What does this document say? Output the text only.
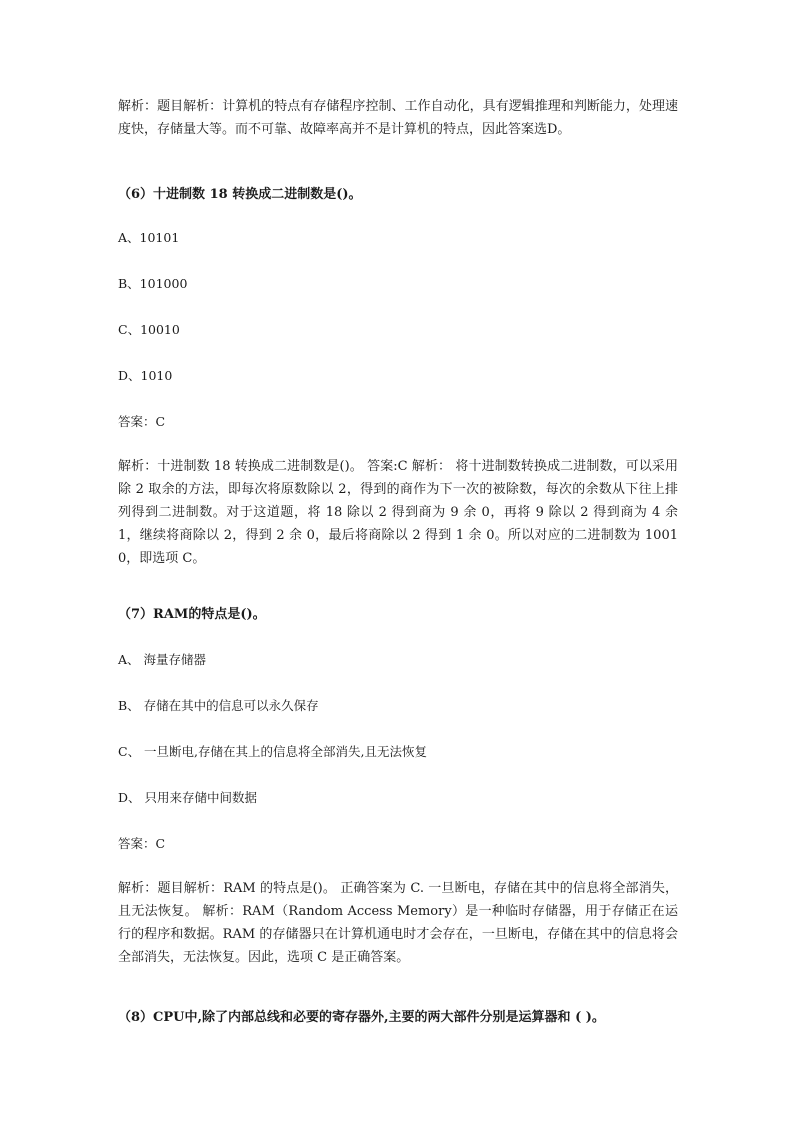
解析：题目解析：计算机的特点有存储程序控制、工作自动化，具有逻辑推理和判断能力，处理速度快，存储量大等。而不可靠、故障率高并不是计算机的特点，因此答案选D。
（6）十进制数 18 转换成二进制数是()。
A、10101
B、101000
C、10010
D、1010
答案：C
解析：十进制数 18 转换成二进制数是()。 答案:C 解析： 将十进制数转换成二进制数，可以采用除 2 取余的方法，即每次将原数除以 2，得到的商作为下一次的被除数，每次的余数从下往上排列得到二进制数。对于这道题，将 18 除以 2 得到商为 9 余 0，再将 9 除以 2 得到商为 4 余 1，继续将商除以 2，得到 2 余 0，最后将商除以 2 得到 1 余 0。所以对应的二进制数为 10010，即选项 C。
（7）RAM的特点是()。
A、 海量存储器
B、 存储在其中的信息可以永久保存
C、 一旦断电,存储在其上的信息将全部消失,且无法恢复
D、 只用来存储中间数据
答案：C
解析：题目解析：RAM 的特点是()。 正确答案为 C. 一旦断电，存储在其中的信息将全部消失，且无法恢复。 解析：RAM（Random Access Memory）是一种临时存储器，用于存储正在运行的程序和数据。RAM 的存储器只在计算机通电时才会存在，一旦断电，存储在其中的信息将会全部消失，无法恢复。因此，选项 C 是正确答案。
（8）CPU中,除了内部总线和必要的寄存器外,主要的两大部件分别是运算器和 ( )。
